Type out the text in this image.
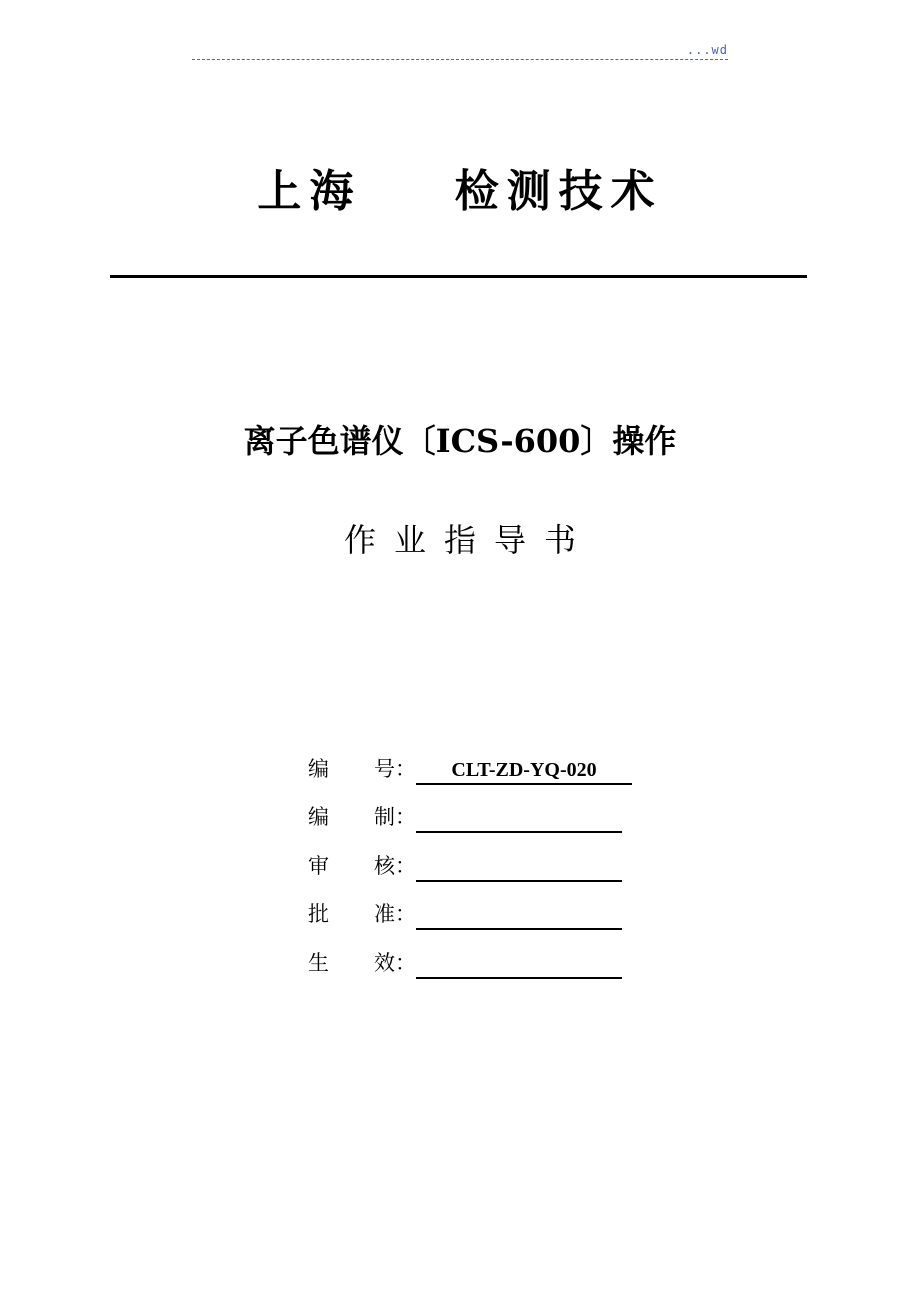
...wd
上海    检测技术
离子色谱仪〔ICS-600〕操作
作业指导书
编 号：	CLT-ZD-YQ-020
编 制：
审 核：
批 准：
生 效：
